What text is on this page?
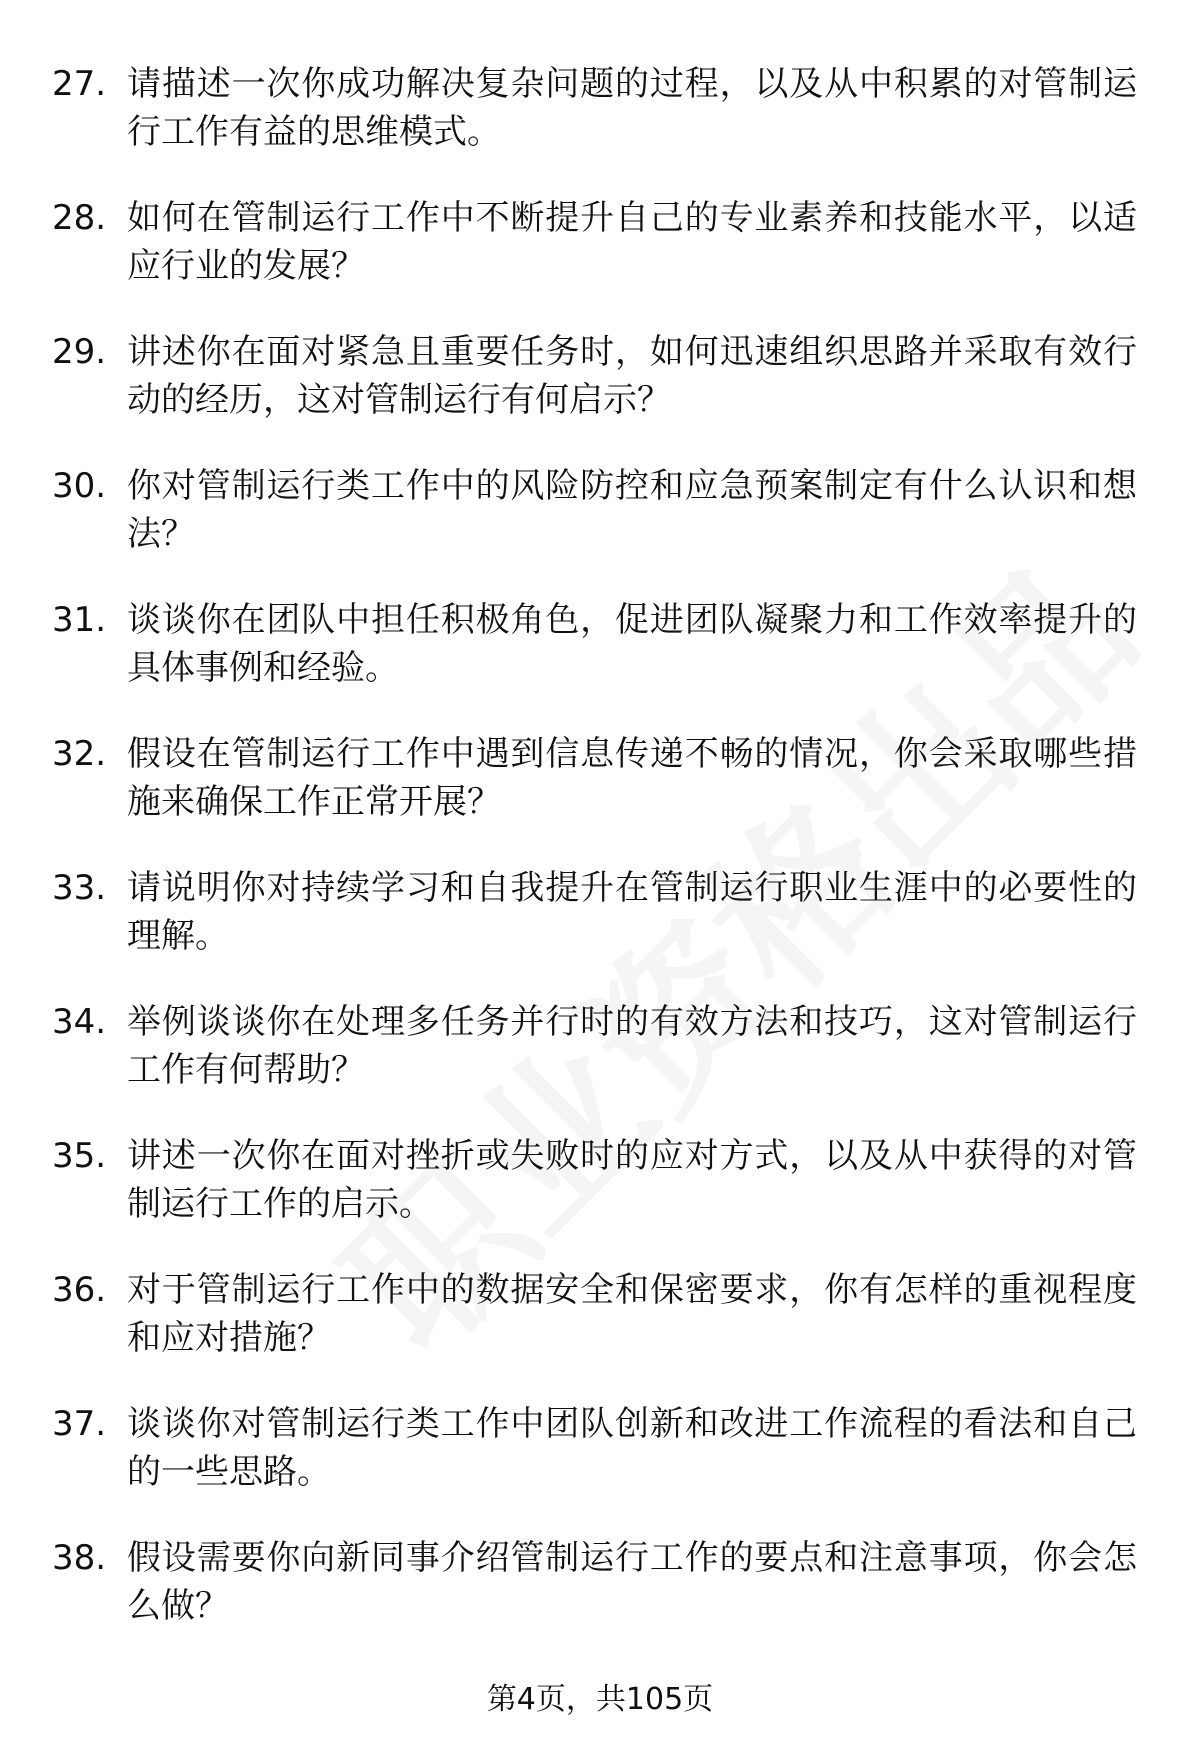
27. 请描述一次你成功解决复杂问题的过程，以及从中积累的对管制运行工作有益的思维模式。
28. 如何在管制运行工作中不断提升自己的专业素养和技能水平，以适应行业的发展？
29. 讲述你在面对紧急且重要任务时，如何迅速组织思路并采取有效行动的经历，这对管制运行有何启示？
30. 你对管制运行类工作中的风险防控和应急预案制定有什么认识和想法？
31. 谈谈你在团队中担任积极角色，促进团队凝聚力和工作效率提升的具体事例和经验。
32. 假设在管制运行工作中遇到信息传递不畅的情况，你会采取哪些措施来确保工作正常开展？
33. 请说明你对持续学习和自我提升在管制运行职业生涯中的必要性的理解。
34. 举例谈谈你在处理多任务并行时的有效方法和技巧，这对管制运行工作有何帮助？
35. 讲述一次你在面对挫折或失败时的应对方式，以及从中获得的对管制运行工作的启示。
36. 对于管制运行工作中的数据安全和保密要求，你有怎样的重视程度和应对措施？
37. 谈谈你对管制运行类工作中团队创新和改进工作流程的看法和自己的一些思路。
38. 假设需要你向新同事介绍管制运行工作的要点和注意事项，你会怎么做？
第4页，共105页
